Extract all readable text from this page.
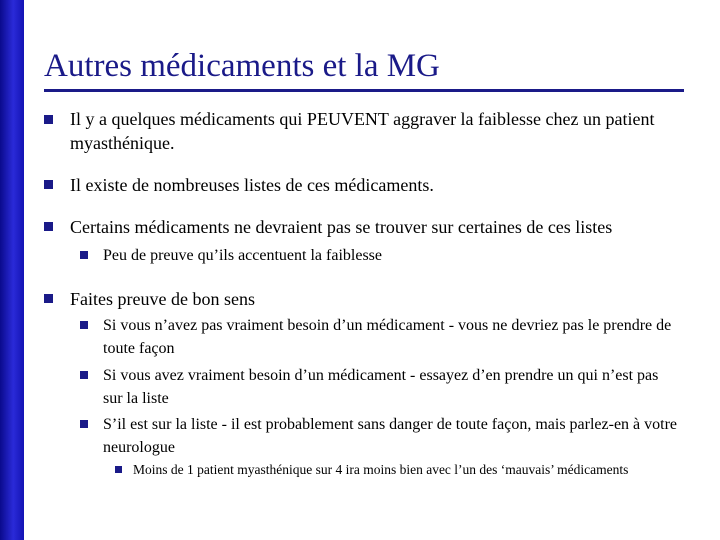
Autres médicaments et la MG
Il y a quelques médicaments qui PEUVENT aggraver la faiblesse chez un patient myasthénique.
Il existe de nombreuses listes de ces médicaments.
Certains médicaments ne devraient pas se trouver sur certaines de ces listes
Peu de preuve qu’ils accentuent la faiblesse
Faites preuve de bon sens
Si vous n’avez pas vraiment besoin d’un médicament - vous ne devriez pas le prendre de toute façon
Si vous avez vraiment besoin d’un médicament - essayez d’en prendre un qui n’est pas sur la liste
S’il est sur la liste - il est probablement sans danger de toute façon, mais parlez-en à votre neurologue
Moins de 1 patient myasthénique sur 4 ira moins bien avec l’un des ‘mauvais’ médicaments
